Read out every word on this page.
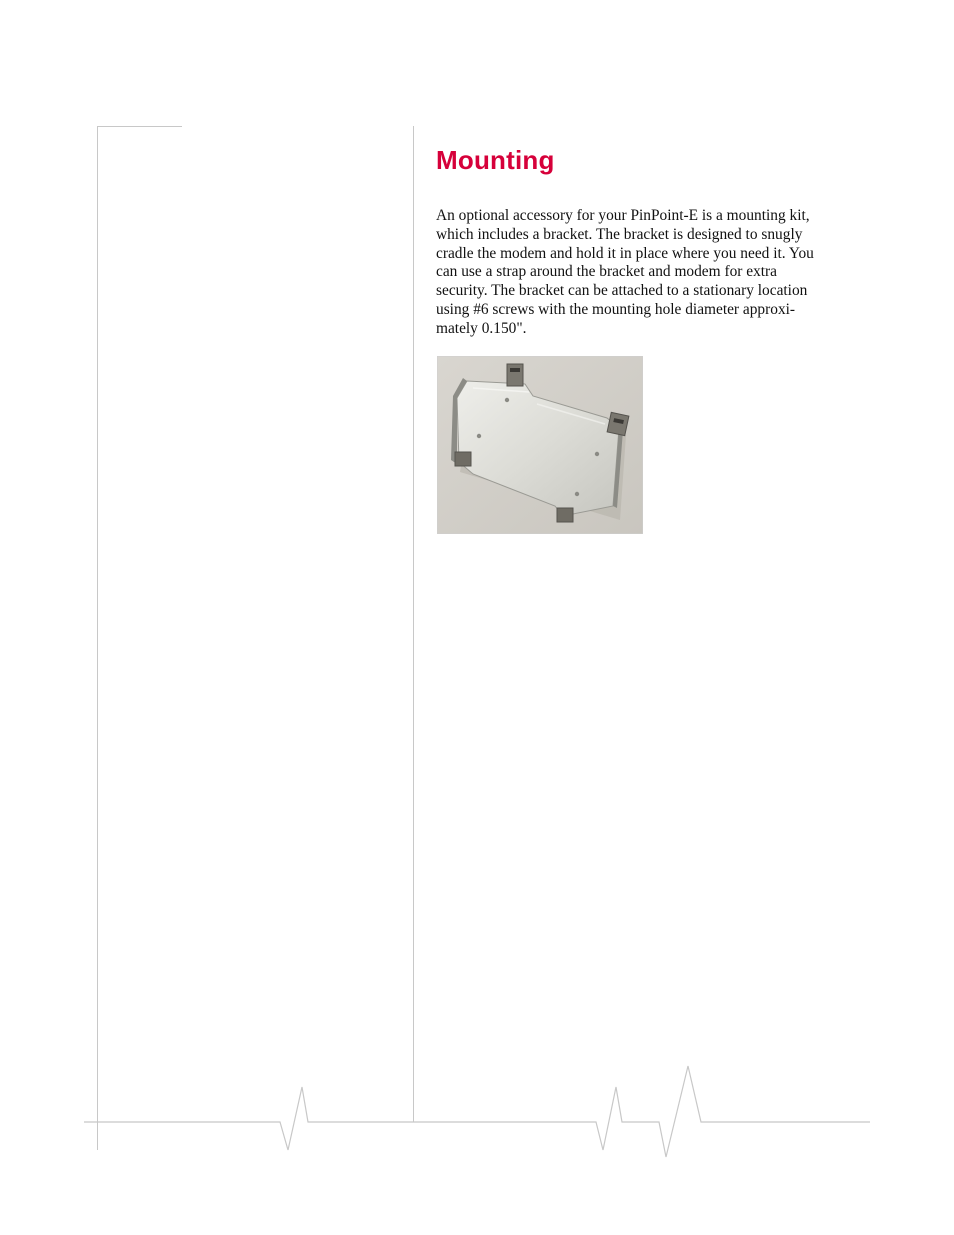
Mounting

An optional accessory for your PinPoint-E is a mounting kit,
which includes a bracket. The bracket is designed to snugly
cradle the modem and hold it in place where you need it. You
can use a strap around the bracket and modem for extra
security. The bracket can be attached to a stationary location
using #6 screws with the mounting hole diameter approxi-
mately 0.150".
